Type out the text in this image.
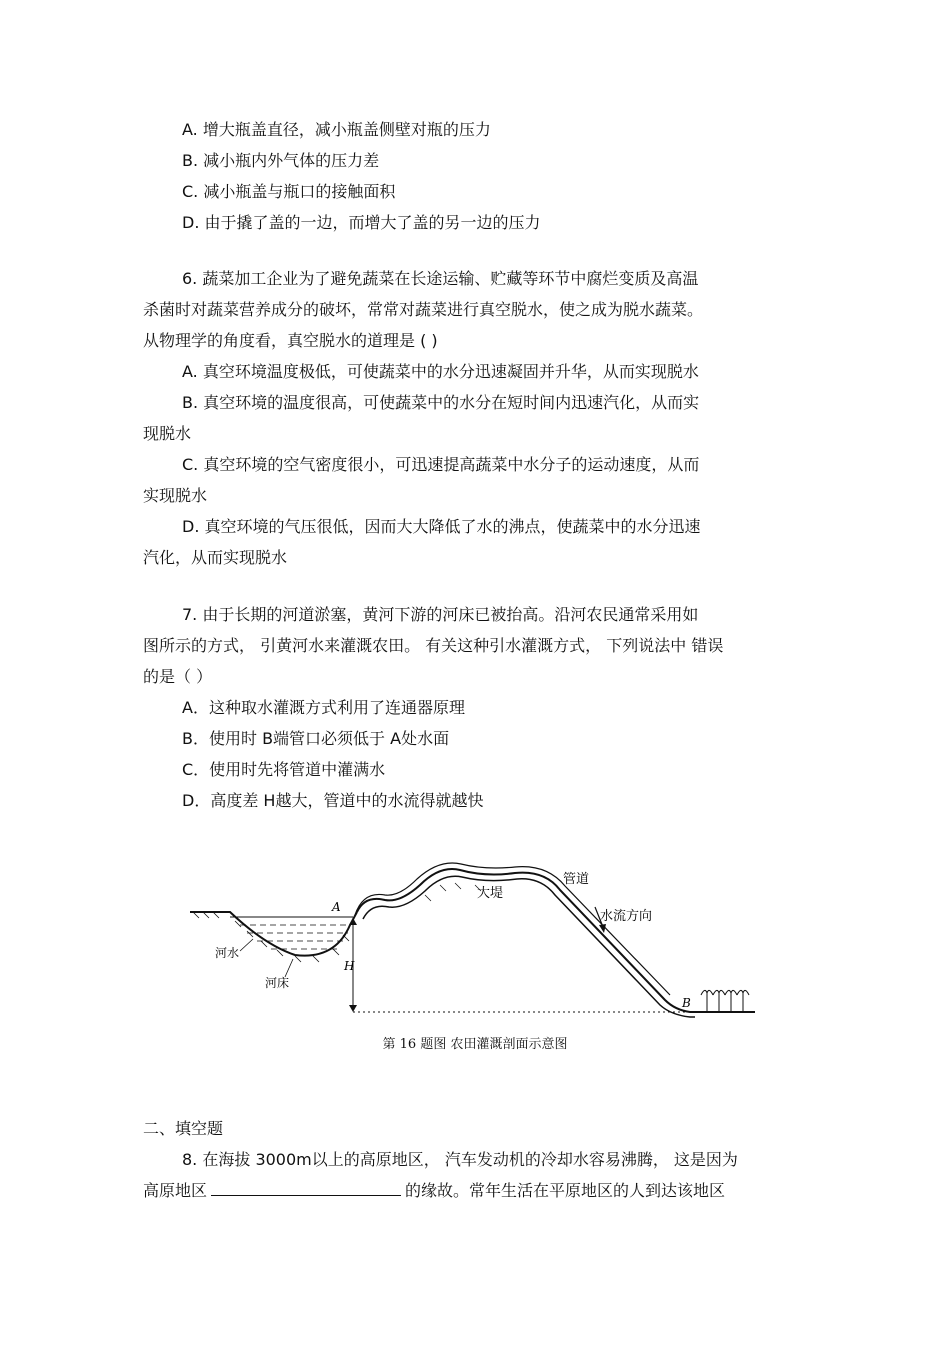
A. 增大瓶盖直径，减小瓶盖侧壁对瓶的压力
B. 减小瓶内外气体的压力差
C. 减小瓶盖与瓶口的接触面积
D. 由于撬了盖的一边，而增大了盖的另一边的压力
6. 蔬菜加工企业为了避免蔬菜在长途运输、贮藏等环节中腐烂变质及高温
杀菌时对蔬菜营养成分的破坏，常常对蔬菜进行真空脱水，使之成为脱水蔬菜。
从物理学的角度看，真空脱水的道理是 ( )
A. 真空环境温度极低，可使蔬菜中的水分迅速凝固并升华，从而实现脱水
B. 真空环境的温度很高，可使蔬菜中的水分在短时间内迅速汽化，从而实
现脱水
C. 真空环境的空气密度很小，可迅速提高蔬菜中水分子的运动速度，从而
实现脱水
D. 真空环境的气压很低，因而大大降低了水的沸点，使蔬菜中的水分迅速
汽化，从而实现脱水
7. 由于长期的河道淤塞，黄河下游的河床已被抬高。沿河农民通常采用如
图所示的方式， 引黄河水来灌溉农田。 有关这种引水灌溉方式， 下列说法中 错误
的是（ ）
A．这种取水灌溉方式利用了连通器原理
B．使用时 B端管口必须低于 A处水面
C．使用时先将管道中灌满水
D．高度差 H越大，管道中的水流得就越快
管道
大堤
水流方向
A
B
H
河水
河床
第 16 题图 农田灌溉剖面示意图
二、填空题
8. 在海拔 3000m以上的高原地区， 汽车发动机的冷却水容易沸腾， 这是因为
高原地区	的缘故。常年生活在平原地区的人到达该地区
